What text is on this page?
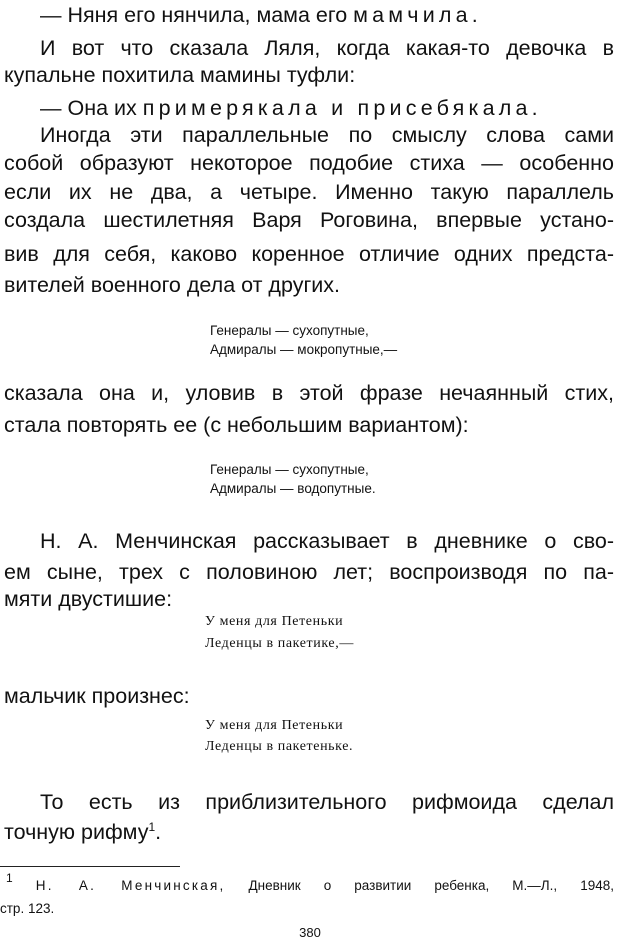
— Няня его нянчила, мама его мамчила.
И вот что сказала Ляля, когда какая-то девочка в
купальне похитила мамины туфли:
— Она их примерякала и присебякала.
Иногда эти параллельные по смыслу слова сами
собой образуют некоторое подобие стиха — особенно
если их не два, а четыре. Именно такую параллель
создала шестилетняя Варя Роговина, впервые устано-
вив для себя, каково коренное отличие одних предста-
вителей военного дела от других.
Генералы — сухопутные,
Адмиралы — мокропутные,—
сказала она и, уловив в этой фразе нечаянный стих,
стала повторять ее (с небольшим вариантом):
Генералы — сухопутные,
Адмиралы — водопутные.
Н. А. Менчинская рассказывает в дневнике о сво-
ем сыне, трех с половиною лет; воспроизводя по па-
мяти двустишие:
У меня для Петеньки
Леденцы в пакетике,—
мальчик произнес:
У меня для Петеньки
Леденцы в пакетеньке.
То есть из приблизительного рифмоида сделал
точную рифму$^1$.
$^1$ Н. А. Менчинская, Дневник о развитии ребенка, М.—Л., 1948,
стр. 123.
380
